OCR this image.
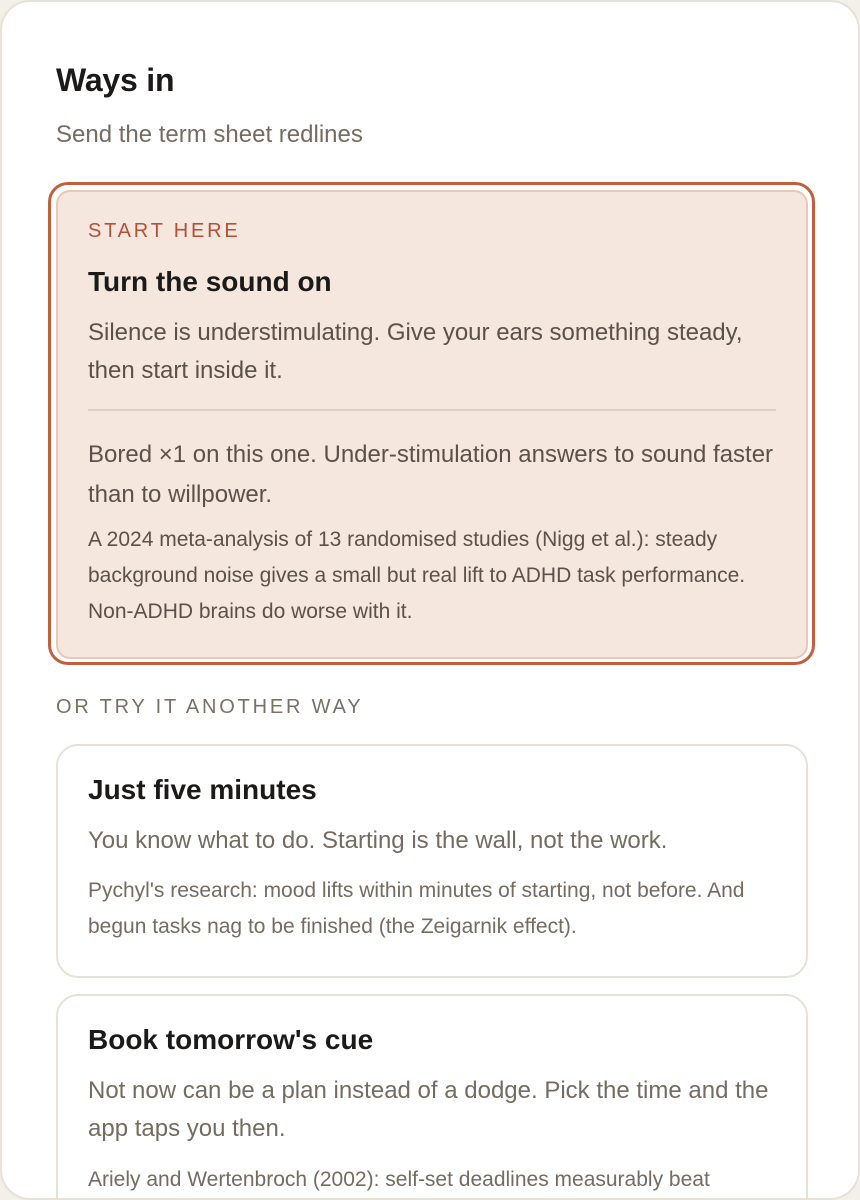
Ways in
Send the term sheet redlines
START HERE
Turn the sound on
Silence is understimulating. Give your ears something steady, then start inside it.
Bored ×1 on this one. Under-stimulation answers to sound faster than to willpower.
A 2024 meta-analysis of 13 randomised studies (Nigg et al.): steady background noise gives a small but real lift to ADHD task performance. Non-ADHD brains do worse with it.
OR TRY IT ANOTHER WAY
Just five minutes
You know what to do. Starting is the wall, not the work.
Pychyl's research: mood lifts within minutes of starting, not before. And begun tasks nag to be finished (the Zeigarnik effect).
Book tomorrow's cue
Not now can be a plan instead of a dodge. Pick the time and the app taps you then.
Ariely and Wertenbroch (2002): self-set deadlines measurably beat
